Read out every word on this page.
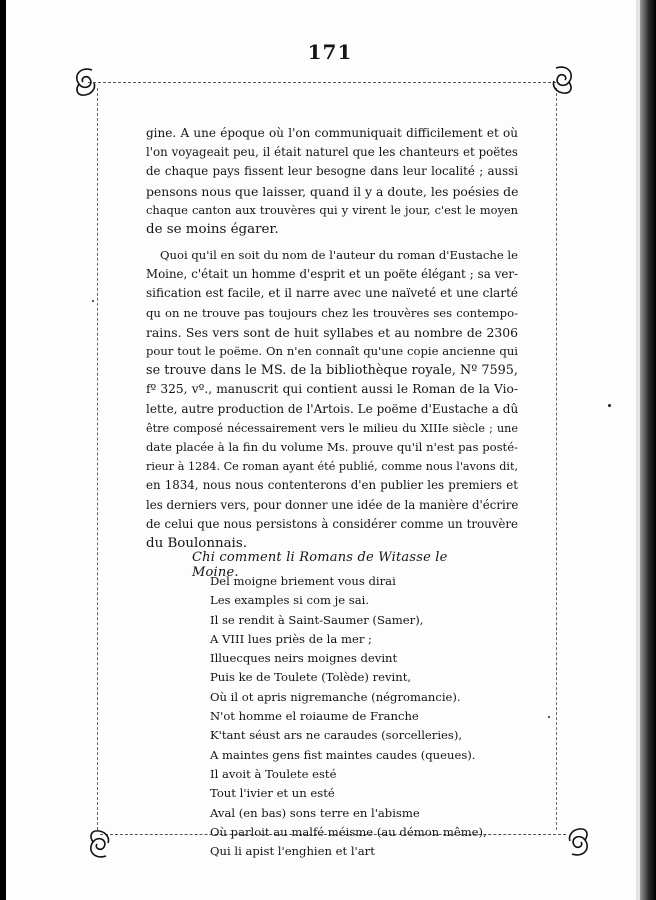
171
gine. A une époque où l'on communiquait difficilement et où
l'on voyageait peu, il était naturel que les chanteurs et poëtes
de chaque pays fissent leur besogne dans leur localité ; aussi
pensons nous que laisser, quand il y a doute, les poésies de
chaque canton aux trouvères qui y virent le jour, c'est le moyen
de se moins égarer.
Quoi qu'il en soit du nom de l'auteur du roman d'Eustache le
Moine, c'était un homme d'esprit et un poëte élégant ; sa ver-
sification est facile, et il narre avec une naïveté et une clarté
qu on ne trouve pas toujours chez les trouvères ses contempo-
rains. Ses vers sont de huit syllabes et au nombre de 2306
pour tout le poëme. On n'en connaît qu'une copie ancienne qui
se trouve dans le MS. de la bibliothèque royale, Nº 7595,
fº 325, vº., manuscrit qui contient aussi le Roman de la Vio-
lette, autre production de l'Artois. Le poëme d'Eustache a dû
être composé nécessairement vers le milieu du XIIIe siècle ; une
date placée à la fin du volume Ms. prouve qu'il n'est pas posté-
rieur à 1284. Ce roman ayant été publié, comme nous l'avons dit,
en 1834, nous nous contenterons d'en publier les premiers et
les derniers vers, pour donner une idée de la manière d'écrire
de celui que nous persistons à considérer comme un trouvère
du Boulonnais.
Chi comment li Romans de Witasse le Moine.
Del moigne briement vous dirai
Les examples si com je sai.
Il se rendit à Saint-Saumer (Samer),
A VIII lues priès de la mer ;
Illuecques neirs moignes devint
Puis ke de Toulete (Tolède) revint,
Où il ot apris nigremanche (négromancie).
N'ot homme el roiaume de Franche
K'tant séust ars ne caraudes (sorcelleries),
A maintes gens fist maintes caudes (queues).
Il avoit à Toulete esté
Tout l'ivier et un esté
Aval (en bas) sons terre en l'abisme
Où parloit au malfé méisme (au démon même),
Qui li apist l'enghien et l'art
